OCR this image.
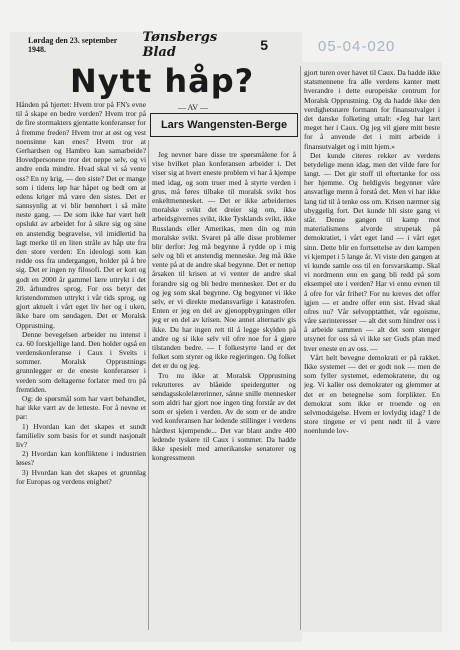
Lørdag den 23. september 1948.
Tønsbergs Blad	5	05-04-020
Nytt håp?
— AV —
Lars Wangensten-Berge

Hånden på hjertet: Hvem tror på FN's evne til å skape en bedre verden? Hvem tror på de fire stormakters gjentatte konferanser for å fremme freden? Hvem tror at øst og vest noensinne kan enes? Hvem tror at Gerhardsen og Hambro kan samarbeide? Hovedpersonene tror det neppe selv, og vi andre enda mindre. Hvad skal vi så vente oss? En ny krig, — den siste? Det er mange som i tidens løp har håpet og bedt om at edens kriger må være den sistes. Det er sannsynlig at vi blir bønnhørt i så måte neste gang. — De som ikke har vært helt opslukt av arbeidet for å sikre sig og sine en anstendig begravelse, vil imidlertid ha lagt merke til en liten stråle av håp ute fra den store verden: En ideologi som kan redde oss fra undergangen, holder på å bre sig. Det er ingen ny filosofi. Det er kort og godt en 2000 år gammel lære uttrykt i det 20. århundres sprog. For oss betyr det kristendommen uttrykt i vår tids sprog, og gjort aktuelt i vårt eget liv her og i uken, ikke bare om søndagen. Det er Moralsk Opprustning.

Denne bevegelsen arbeider nu intenst i ca. 60 forskjellige land. Den holder også en verdenskonferanse i Caux i Sveits i sommer. Moralsk Opprustnings grunnlegger er de eneste konferanser i verden som deltagerne forlater med tro på fremtiden.

Og: de spørsmål som har vært behandlet, har ikke vært av de letteste. For å nevne et par:

1) Hvordan kan det skapes et sundt familieliv som basis for et sundt nasjonalt liv?

2) Hvordan kan konfliktene i industrien løses?

3) Hvordan kan det skapes et grunnlag for Europas og verdens enighet?

Jeg nevner bare disse tre spørsmålene for å vise hvilket plan konferansen arbeider i. Det viser sig at hvert eneste problem vi har å kjempe med idag, og som truer med å styrte verden i grus, må føres tilbake til moralsk svikt hos enkeltmennesket. — Det er ikke arbeidernes moralske svikt det dreier sig om, ikke arbeidsgivernes svikt, ikke Tysklands svikt, ikke Russlands eller Amerikas, men din og min moralske svikt. Svaret på alle disse problemer blir derfor: Jeg må begynne å rydde op i mig selv og bli et anstendig menneske. Jeg må ikke vente på at de andre skal begynne. Det er nettop årsaken til krisen at vi venter de andre skal forandre sig og bli bedre mennesker. Det er du og jeg som skal begynne. Og begynner vi ikke selv, er vi direkte medansvarlige i katastrofen. Enten er jeg en del av gjenoppbygningen eller jeg er en del av krisen. Noe annet alternativ gis ikke. Du har ingen rett til å legge skylden på andre og si ikke selv vil ofre noe for å gjøre tilstanden bedre. — I folkestyrte land er det folket som styrer og ikke regjeringen. Og folket det er du og jeg.

Tro nu ikke at Moralsk Opprustning rekrutteres av blåøide speidergutter og søndagsskolelærerinner, sånne snille mennesker som aldri har gjort noe ingen ting forstår av det som er sjelen i verden. Av de som er de andre ved konferansen har ledende stillinger i verdens hårdtest kjempende... Det var blant andre 400 ledende tyskere til Caux i sommer. Da hadde ikke spesielt med amerikanske senatorer og kongressmenn

gjort turen over havet til Caux. Da hadde ikke statsmennene fra alle verdens kanter møtt hverandre i dette europeiske centrum for Moralsk Opprustning. Og da hadde ikke den verdighetsnære formann for finansutvalget i det danske folketing uttalt: «Jeg har lært meget her i Caux. Og jeg vil gjøre mitt beste for å anvende det i mitt arbeide i finansutvalget og i mitt hjem.»

Det kunde citeres rekker av verdens betydelige menn idag, men det vilde føre for langt. — Det gir stoff til eftertanke for oss her hjemme. Og heldigvis begynner våre ansvarlige menn å forstå det. Men vi har ikke lang tid til å tenke oss om. Krisen nærmer sig ubyggelig fort. Det kunde bli siste gang vi står. Denne gangen til kamp mot materialismens alvorde strupetak på demokratiet, i vårt eget land — i vårt eget sinn. Dette blir en fortsettelse av den kampen vi kjempet i 5 lange år. Vi viste den gangen at vi kunde samle oss til en forsvarskamp. Skal vi nordmenn enn en gang bli redd på som eksempel ute i verden? Har vi ennu evnen til å ofre for vår frihet? For nu kreves det offer igjen — et andre offer enn sist. Hvad skal ofres nu? Vår selvopptatthet, vår egoisme, våre særinteresser — alt det som hindrer oss i å arbeide sammen — alt det som stenger utsynet for oss så vi ikke ser Guds plan med hver eneste en av oss. —

Vårt helt bevegne demokrati er på rakket. Ikke systemet — det er godt nok — men de som fyller systemet, edemokratene, du og jeg. Vi kaller oss demokrater og glemmer at det er en betegnelse som forplikter. En demokrat som ikke er troende og en selvmodsigelse. Hvem er lovlydig idag? I de store tingene er vi pent nødt til å være noenlunde lov-
